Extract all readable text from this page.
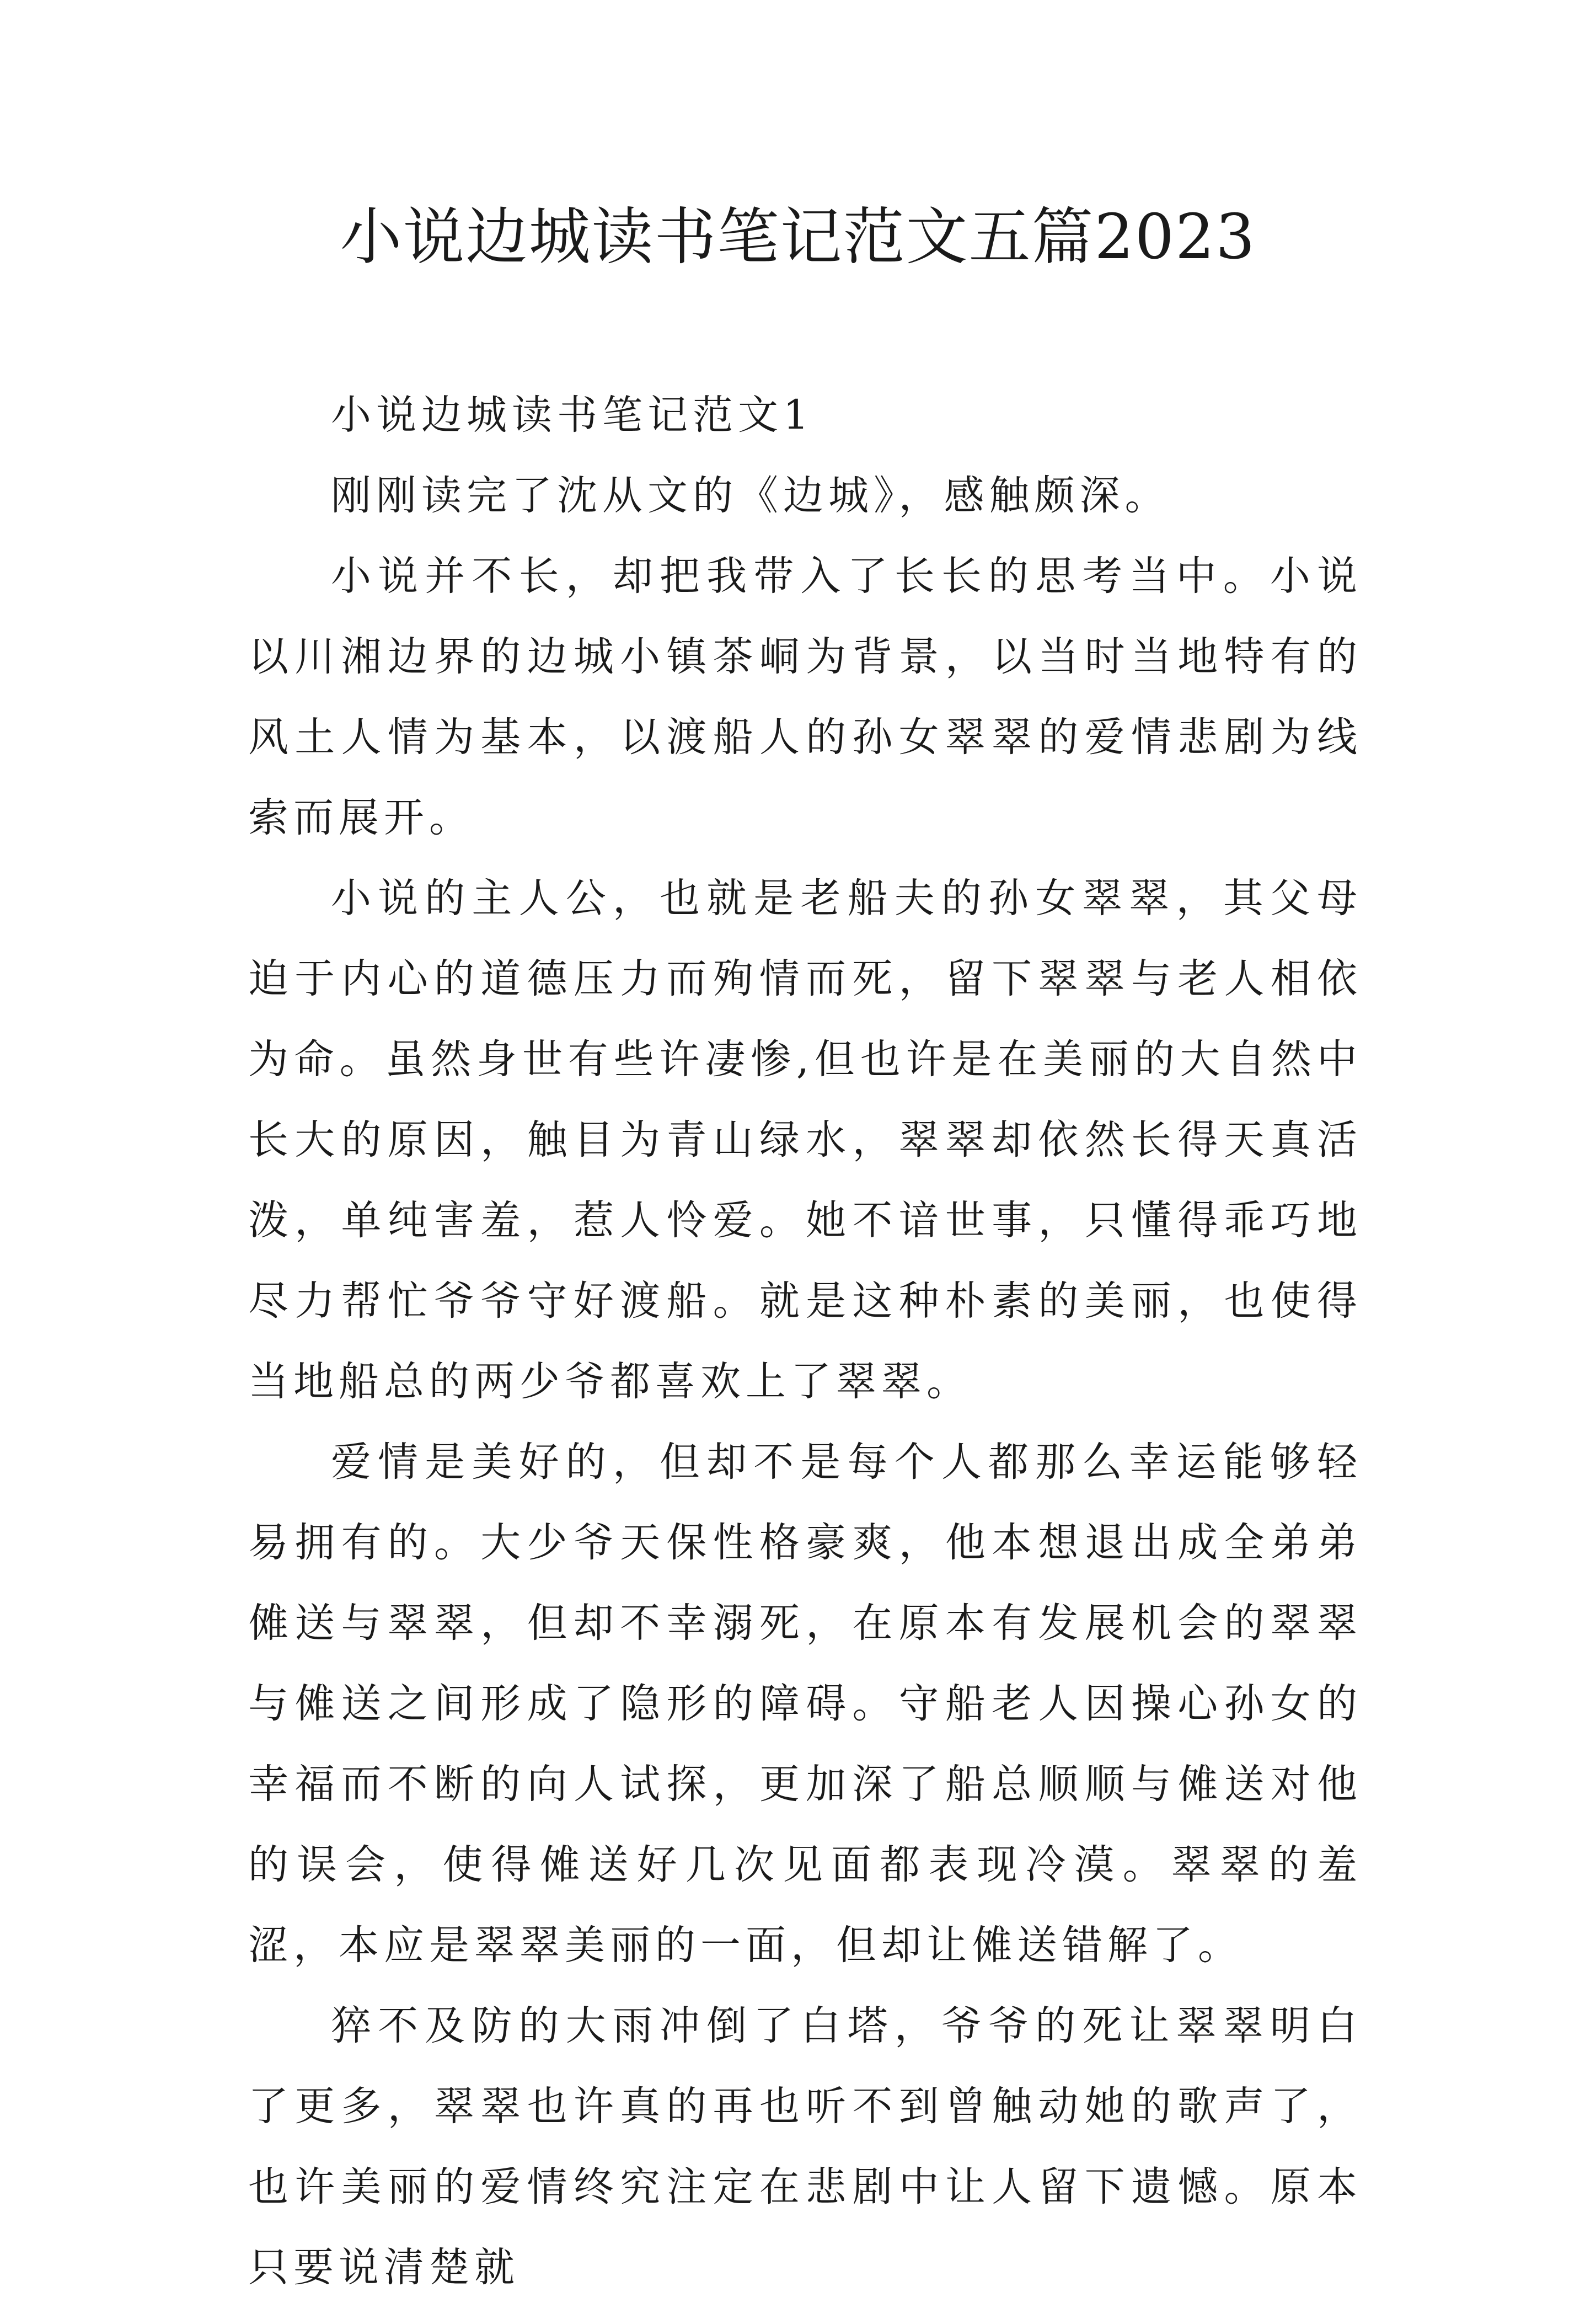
小说边城读书笔记范文五篇2023

小说边城读书笔记范文1

刚刚读完了沈从文的《边城》，感触颇深。

小说并不长，却把我带入了长长的思考当中。小说以川湘边界的边城小镇茶峒为背景，以当时当地特有的风土人情为基本，以渡船人的孙女翠翠的爱情悲剧为线索而展开。

小说的主人公，也就是老船夫的孙女翠翠，其父母迫于内心的道德压力而殉情而死，留下翠翠与老人相依为命。虽然身世有些许凄惨,但也许是在美丽的大自然中长大的原因，触目为青山绿水，翠翠却依然长得天真活泼，单纯害羞，惹人怜爱。她不谙世事，只懂得乖巧地尽力帮忙爷爷守好渡船。就是这种朴素的美丽，也使得当地船总的两少爷都喜欢上了翠翠。

爱情是美好的，但却不是每个人都那么幸运能够轻易拥有的。大少爷天保性格豪爽，他本想退出成全弟弟傩送与翠翠，但却不幸溺死，在原本有发展机会的翠翠与傩送之间形成了隐形的障碍。守船老人因操心孙女的幸福而不断的向人试探，更加深了船总顺顺与傩送对他的误会，使得傩送好几次见面都表现冷漠。翠翠的羞涩，本应是翠翠美丽的一面，但却让傩送错解了。

猝不及防的大雨冲倒了白塔，爷爷的死让翠翠明白了更多，翠翠也许真的再也听不到曾触动她的歌声了，也许美丽的爱情终究注定在悲剧中让人留下遗憾。原本只要说清楚就
